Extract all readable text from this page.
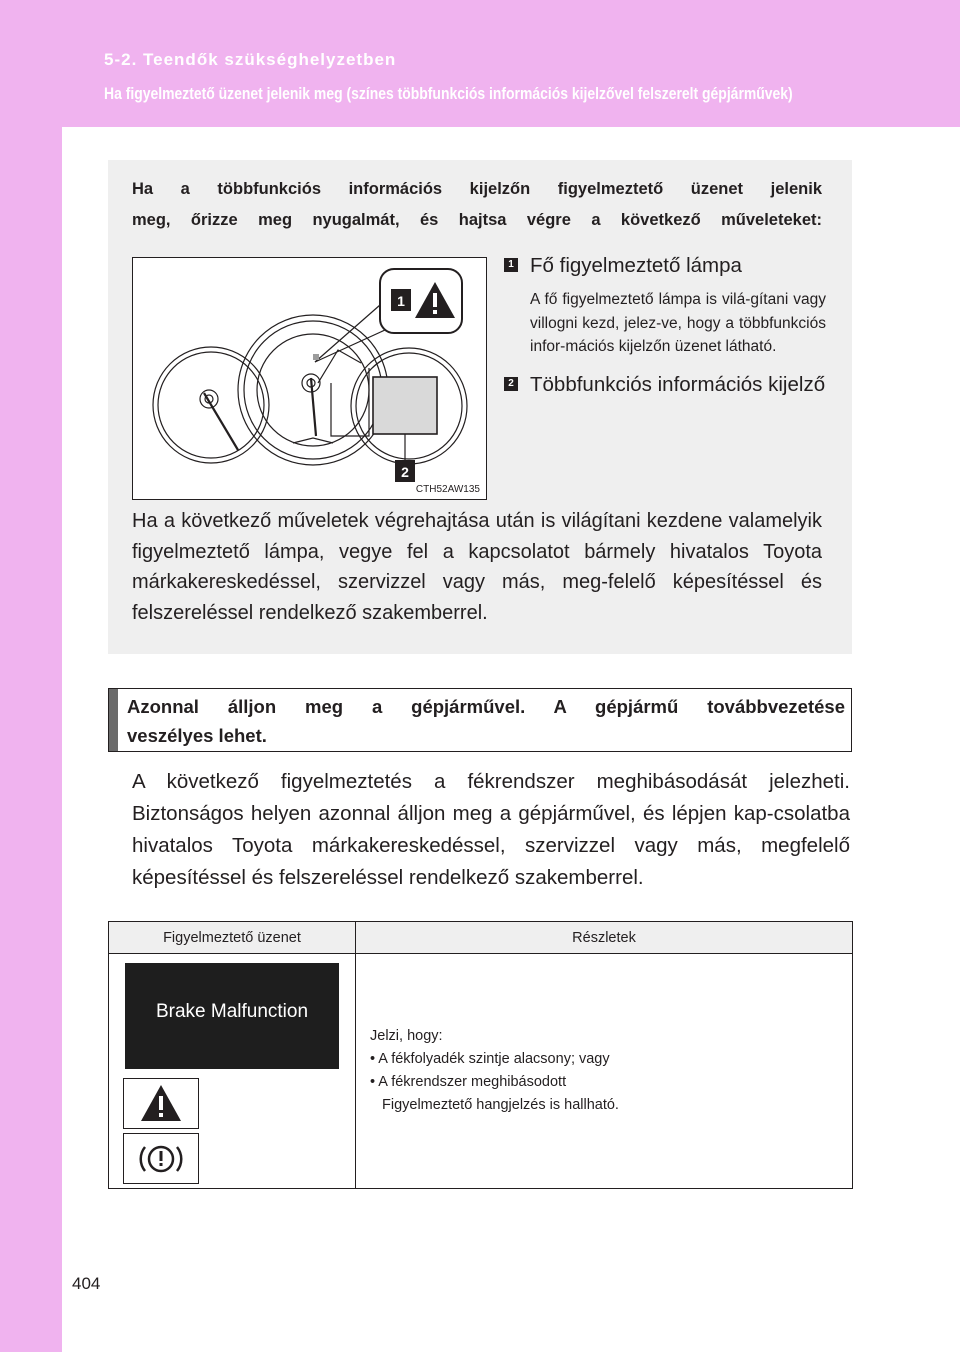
5-2. Teendők szükséghelyzetben
Ha figyelmeztető üzenet jelenik meg (színes többfunkciós információs kijelzővel felszerelt gépjárművek)
Ha a többfunkciós információs kijelzőn figyelmeztető üzenet jelenik
meg, őrizze meg nyugalmát, és hajtsa végre a következő műveleteket:
1
2
CTH52AW135
1 Fő figyelmeztető lámpa
A fő figyelmeztető lámpa is vilá-gítani vagy villogni kezd, jelez-ve, hogy a többfunkciós infor-mációs kijelzőn üzenet látható.
2 Többfunkciós információs kijelző
Ha a következő műveletek végrehajtása után is világítani kezdene valamelyik figyelmeztető lámpa, vegye fel a kapcsolatot bármely hivatalos Toyota márkakereskedéssel, szervizzel vagy más, meg-felelő képesítéssel és felszereléssel rendelkező szakemberrel.
Azonnal álljon meg a gépjárművel. A gépjármű továbbvezetése
veszélyes lehet.
A következő figyelmeztetés a fékrendszer meghibásodását jelezheti. Biztonságos helyen azonnal álljon meg a gépjárművel, és lépjen kap-csolatba hivatalos Toyota márkakereskedéssel, szervizzel vagy más, megfelelő képesítéssel és felszereléssel rendelkező szakemberrel.
Figyelmeztető üzenet	Részletek

Brake Malfunction	Jelzi, hogy:
• A fékfolyadék szintje alacsony; vagy
• A fékrendszer meghibásodott
Figyelmeztető hangjelzés is hallható.
404
